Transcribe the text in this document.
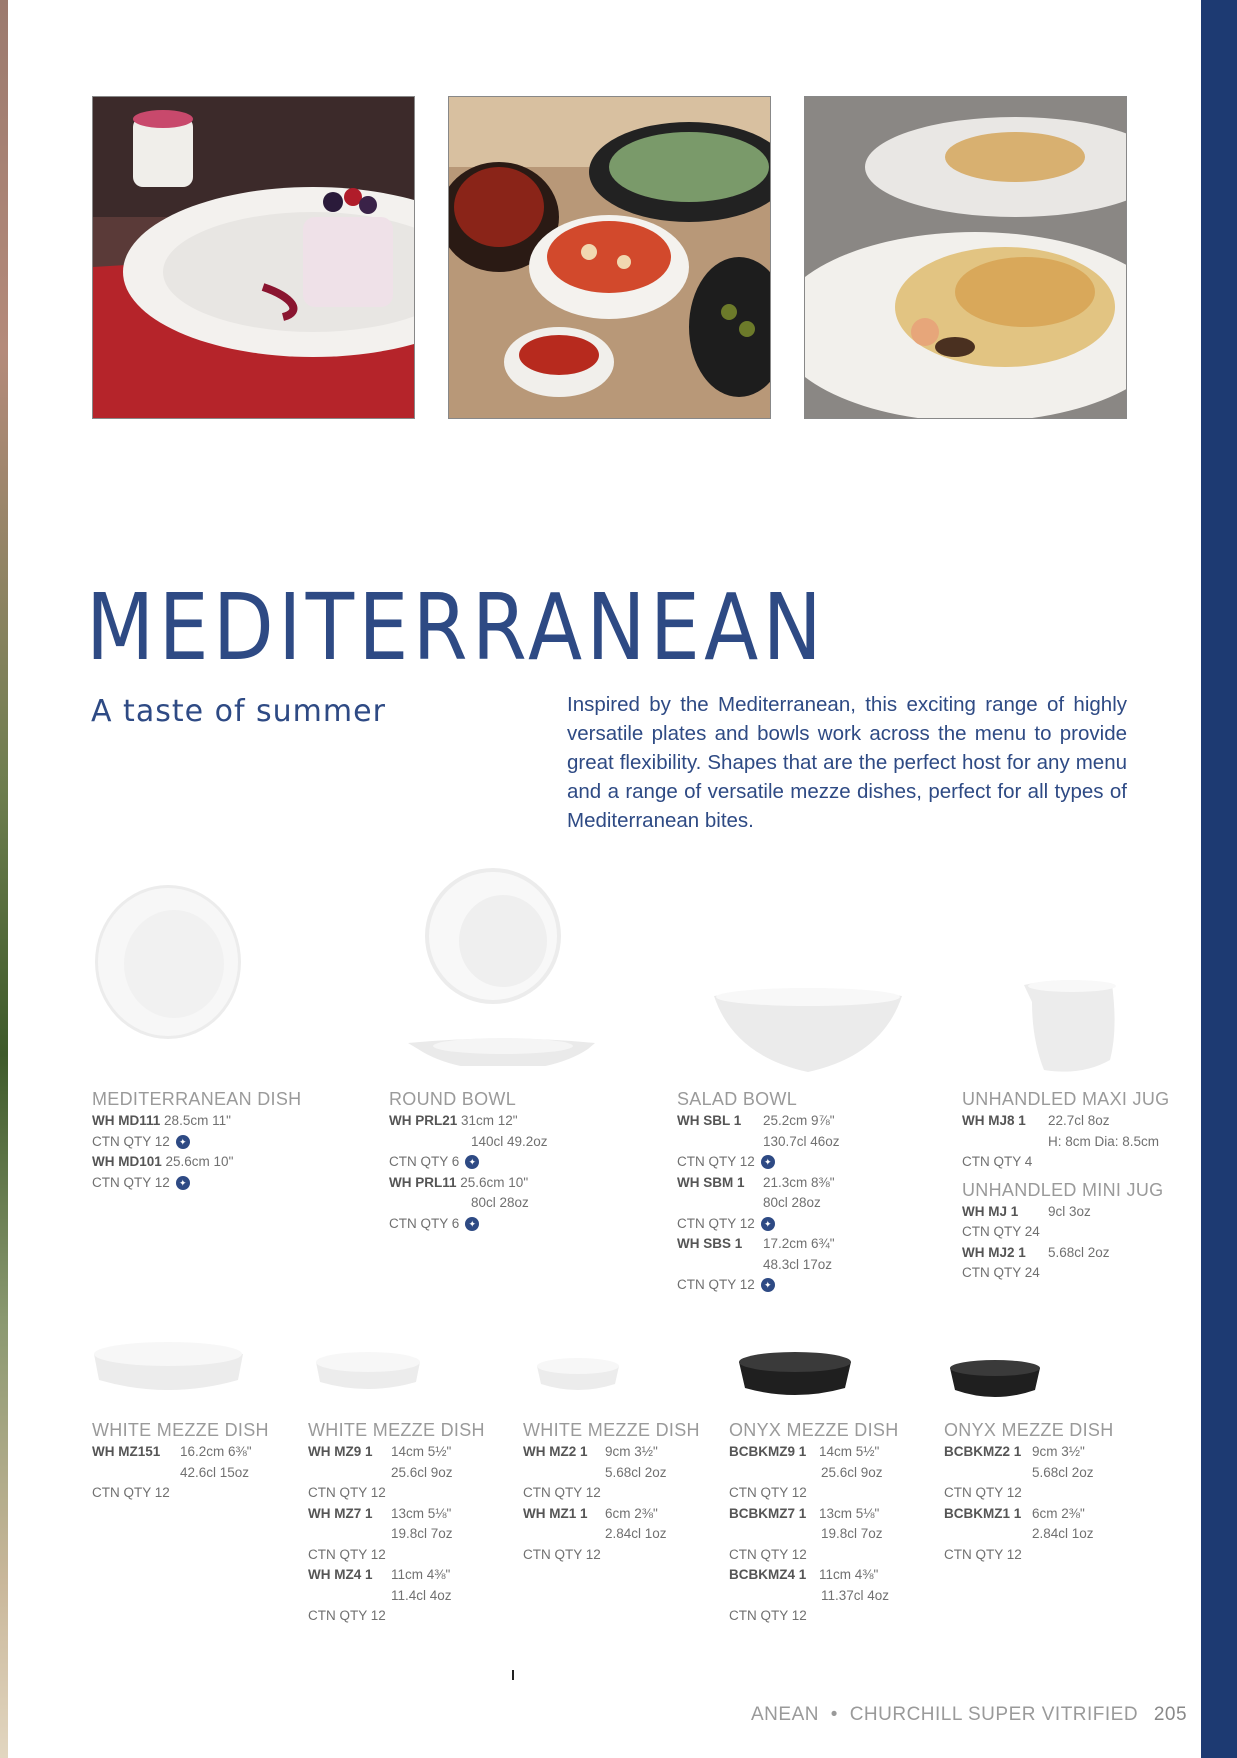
MEDITERRANEAN
A taste of summer	Inspired by the Mediterranean, this exciting range of highly versatile plates and bowls work across the menu to provide great flexibility. Shapes that are the perfect host for any menu and a range of versatile mezze dishes, perfect for all types of Mediterranean bites.

MEDITERRANEAN DISH
WH MD111 28.5cm 11"
CTN QTY 12 ✦
WH MD101 25.6cm 10"
CTN QTY 12 ✦
ROUND BOWL
WH PRL21 31cm 12"
140cl 49.2oz
CTN QTY 6 ✦
WH PRL11 25.6cm 10"
80cl 28oz
CTN QTY 6 ✦
SALAD BOWL
WH SBL 1 25.2cm 9⅞"
130.7cl 46oz
CTN QTY 12 ✦
WH SBM 1 21.3cm 8⅜"
80cl 28oz
CTN QTY 12 ✦
WH SBS 1 17.2cm 6¾"
48.3cl 17oz
CTN QTY 12 ✦
UNHANDLED MAXI JUG
WH MJ8 1 22.7cl 8oz
H: 8cm Dia: 8.5cm
CTN QTY 4
UNHANDLED MINI JUG
WH MJ 1 9cl 3oz
CTN QTY 24
WH MJ2 1 5.68cl 2oz
CTN QTY 24
WHITE MEZZE DISH
WH MZ151 16.2cm 6⅜"
42.6cl 15oz
CTN QTY 12
WHITE MEZZE DISH
WH MZ9 1 14cm 5½"
25.6cl 9oz
CTN QTY 12
WH MZ7 1 13cm 5⅛"
19.8cl 7oz
CTN QTY 12
WH MZ4 1 11cm 4⅜"
11.4cl 4oz
CTN QTY 12
WHITE MEZZE DISH
WH MZ2 1 9cm 3½"
5.68cl 2oz
CTN QTY 12
WH MZ1 1 6cm 2⅜"
2.84cl 1oz
CTN QTY 12
ONYX MEZZE DISH
BCBKMZ9 1 14cm 5½"
25.6cl 9oz
CTN QTY 12
BCBKMZ7 1 13cm 5⅛"
19.8cl 7oz
CTN QTY 12
BCBKMZ4 1 11cm 4⅜"
11.37cl 4oz
CTN QTY 12
ONYX MEZZE DISH
BCBKMZ2 1 9cm 3½"
5.68cl 2oz
CTN QTY 12
BCBKMZ1 1 6cm 2⅜"
2.84cl 1oz
CTN QTY 12
ANEAN • CHURCHILL SUPER VITRIFIED 205
